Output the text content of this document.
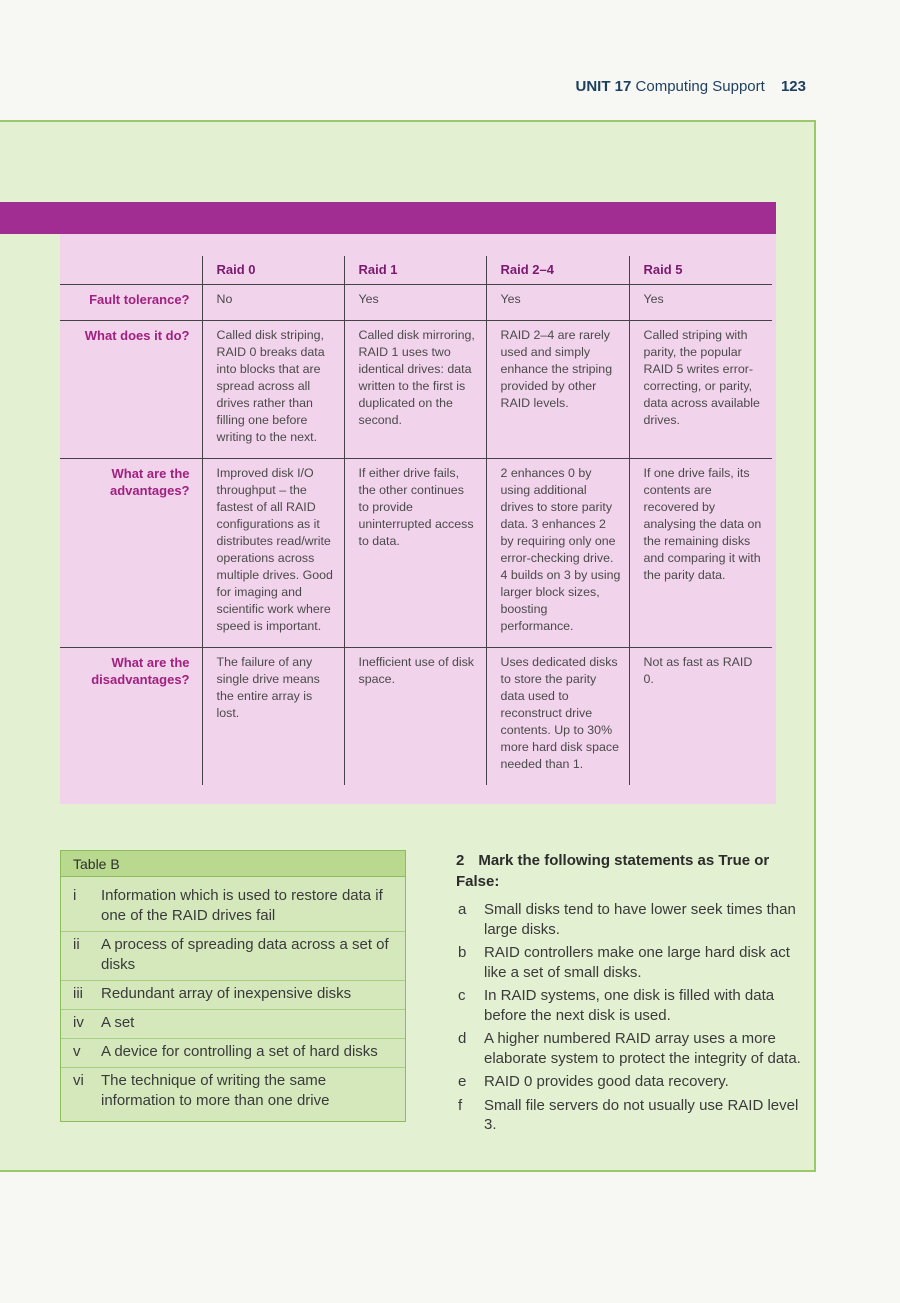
UNIT 17 Computing Support 123
	Raid 0	Raid 1	Raid 2–4	Raid 5
Fault tolerance?	No	Yes	Yes	Yes
What does it do?	Called disk striping, RAID 0 breaks data into blocks that are spread across all drives rather than filling one before writing to the next.	Called disk mirroring, RAID 1 uses two identical drives: data written to the first is duplicated on the second.	RAID 2–4 are rarely used and simply enhance the striping provided by other RAID levels.	Called striping with parity, the popular RAID 5 writes error-correcting, or parity, data across available drives.
What are the advantages?	Improved disk I/O throughput – the fastest of all RAID configurations as it distributes read/write operations across multiple drives. Good for imaging and scientific work where speed is important.	If either drive fails, the other continues to provide uninterrupted access to data.	2 enhances 0 by using additional drives to store parity data. 3 enhances 2 by requiring only one error-checking drive. 4 builds on 3 by using larger block sizes, boosting performance.	If one drive fails, its contents are recovered by analysing the data on the remaining disks and comparing it with the parity data.
What are the disadvantages?	The failure of any single drive means the entire array is lost.	Inefficient use of disk space.	Uses dedicated disks to store the parity data used to reconstruct drive contents. Up to 30% more hard disk space needed than 1.	Not as fast as RAID 0.
Table B
i Information which is used to restore data if one of the RAID drives fail
ii A process of spreading data across a set of disks
iii Redundant array of inexpensive disks
iv A set
v A device for controlling a set of hard disks
vi The technique of writing the same information to more than one drive
2 Mark the following statements as True or False:
a Small disks tend to have lower seek times than large disks.
b RAID controllers make one large hard disk act like a set of small disks.
c In RAID systems, one disk is filled with data before the next disk is used.
d A higher numbered RAID array uses a more elaborate system to protect the integrity of data.
e RAID 0 provides good data recovery.
f Small file servers do not usually use RAID level 3.
